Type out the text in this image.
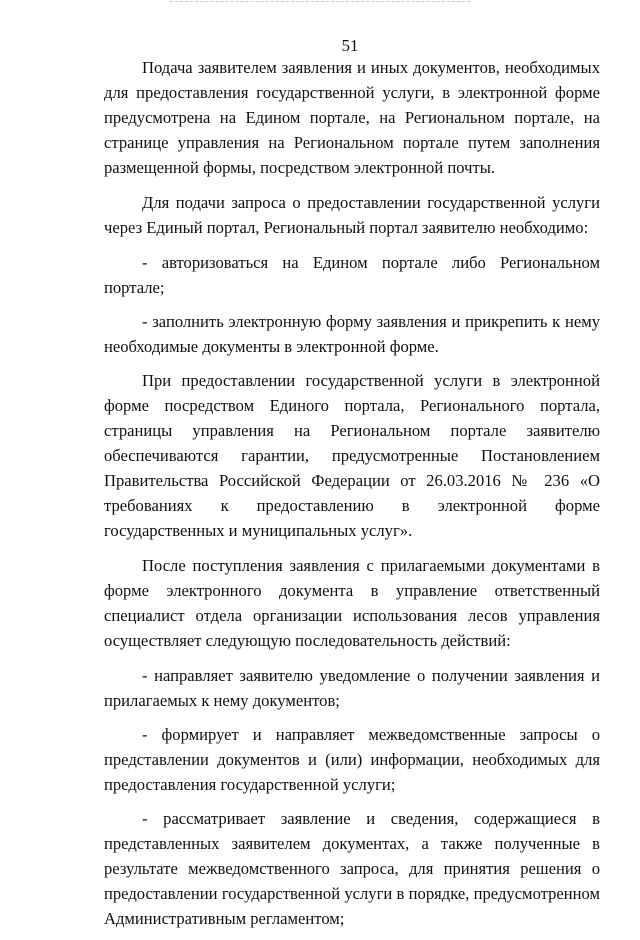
51

Подача заявителем заявления и иных документов, необходимых для предоставления государственной услуги, в электронной форме предусмотрена на Едином портале, на Региональном портале, на странице управления на Региональном портале путем заполнения размещенной формы, посредством электронной почты.

Для подачи запроса о предоставлении государственной услуги через Единый портал, Региональный портал заявителю необходимо:

- авторизоваться на Едином портале либо Региональном портале;

- заполнить электронную форму заявления и прикрепить к нему необходимые документы в электронной форме.

При предоставлении государственной услуги в электронной форме посредством Единого портала, Регионального портала, страницы управления на Региональном портале заявителю обеспечиваются гарантии, предусмотренные Постановлением Правительства Российской Федерации от 26.03.2016 № 236 «О требованиях к предоставлению в электронной форме государственных и муниципальных услуг».

После поступления заявления с прилагаемыми документами в форме электронного документа в управление ответственный специалист отдела организации использования лесов управления осуществляет следующую последовательность действий:

- направляет заявителю уведомление о получении заявления и прилагаемых к нему документов;

- формирует и направляет межведомственные запросы о представлении документов и (или) информации, необходимых для предоставления государственной услуги;

- рассматривает заявление и сведения, содержащиеся в представленных заявителем документах, а также полученные в результате межведомственного запроса, для принятия решения о предоставлении государственной услуги в порядке, предусмотренном Административным регламентом;
